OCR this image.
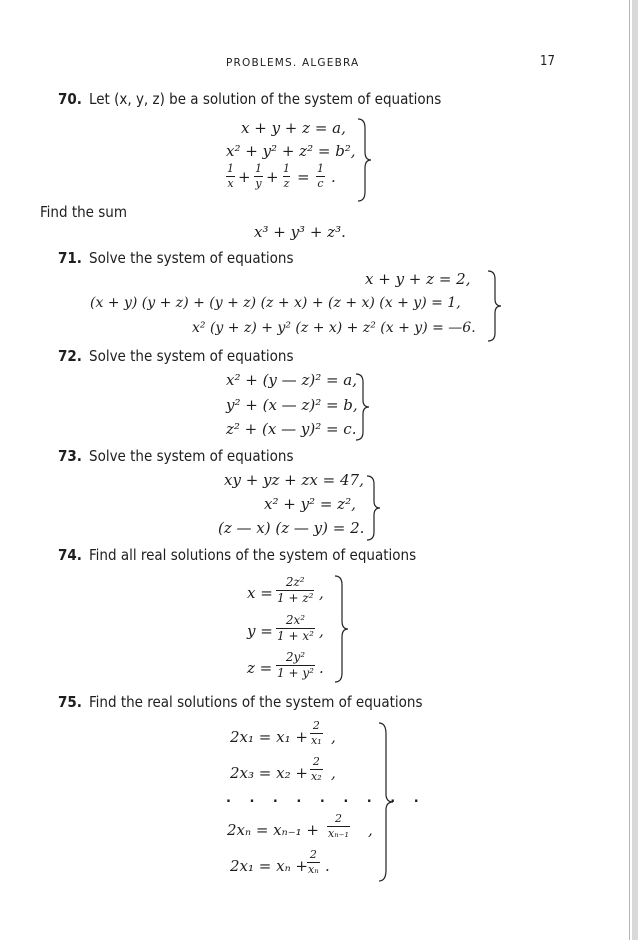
PROBLEMS. ALGEBRA	17
70. Let (x, y, z) be a solution of the system of equations
x + y + z = a,
x² + y² + z² = b²,
1
x + 1
y + 1
z = 1
c .
Find the sum
x³ + y³ + z³.
71. Solve the system of equations
x + y + z = 2,
(x + y) (y + z) + (y + z) (z + x) + (z + x) (x + y) = 1,
x² (y + z) + y² (z + x) + z² (x + y) = —6.
72. Solve the system of equations
x² + (y — z)² = a,
y² + (x — z)² = b,
z² + (x — y)² = c.
73. Solve the system of equations
xy + yz + zx = 47,
x² + y² = z²,
(z — x) (z — y) = 2.
74. Find all real solutions of the system of equations
x =
2z²
1 + z² ,
y =
2x²
1 + x² ,
z =
2y²
1 + y² .
75. Find the real solutions of the system of equations
2x₁ = x₁ +
2
x₁ ,
2x₃ = x₂ +
2
x₂ ,
. . . . . . . . .
2xₙ = xₙ₋₁ +
2
xₙ₋₁ ,
2x₁ = xₙ +
2
xₙ .
